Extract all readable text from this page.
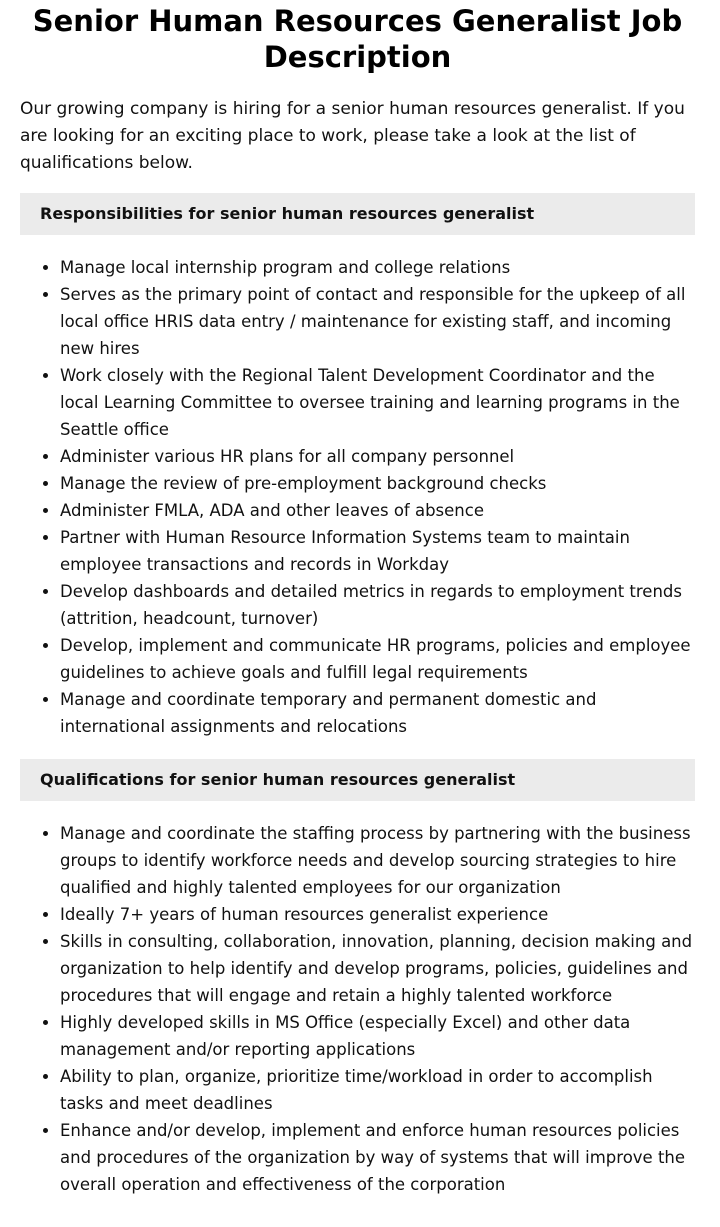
Senior Human Resources Generalist Job Description

Our growing company is hiring for a senior human resources generalist. If you are looking for an exciting place to work, please take a look at the list of qualifications below.

Responsibilities for senior human resources generalist
• Manage local internship program and college relations
• Serves as the primary point of contact and responsible for the upkeep of all local office HRIS data entry / maintenance for existing staff, and incoming new hires
• Work closely with the Regional Talent Development Coordinator and the local Learning Committee to oversee training and learning programs in the Seattle office
• Administer various HR plans for all company personnel
• Manage the review of pre-employment background checks
• Administer FMLA, ADA and other leaves of absence
• Partner with Human Resource Information Systems team to maintain employee transactions and records in Workday
• Develop dashboards and detailed metrics in regards to employment trends (attrition, headcount, turnover)
• Develop, implement and communicate HR programs, policies and employee guidelines to achieve goals and fulfill legal requirements
• Manage and coordinate temporary and permanent domestic and international assignments and relocations
Qualifications for senior human resources generalist
• Manage and coordinate the staffing process by partnering with the business groups to identify workforce needs and develop sourcing strategies to hire qualified and highly talented employees for our organization
• Ideally 7+ years of human resources generalist experience
• Skills in consulting, collaboration, innovation, planning, decision making and organization to help identify and develop programs, policies, guidelines and procedures that will engage and retain a highly talented workforce
• Highly developed skills in MS Office (especially Excel) and other data management and/or reporting applications
• Ability to plan, organize, prioritize time/workload in order to accomplish tasks and meet deadlines
• Enhance and/or develop, implement and enforce human resources policies and procedures of the organization by way of systems that will improve the overall operation and effectiveness of the corporation
